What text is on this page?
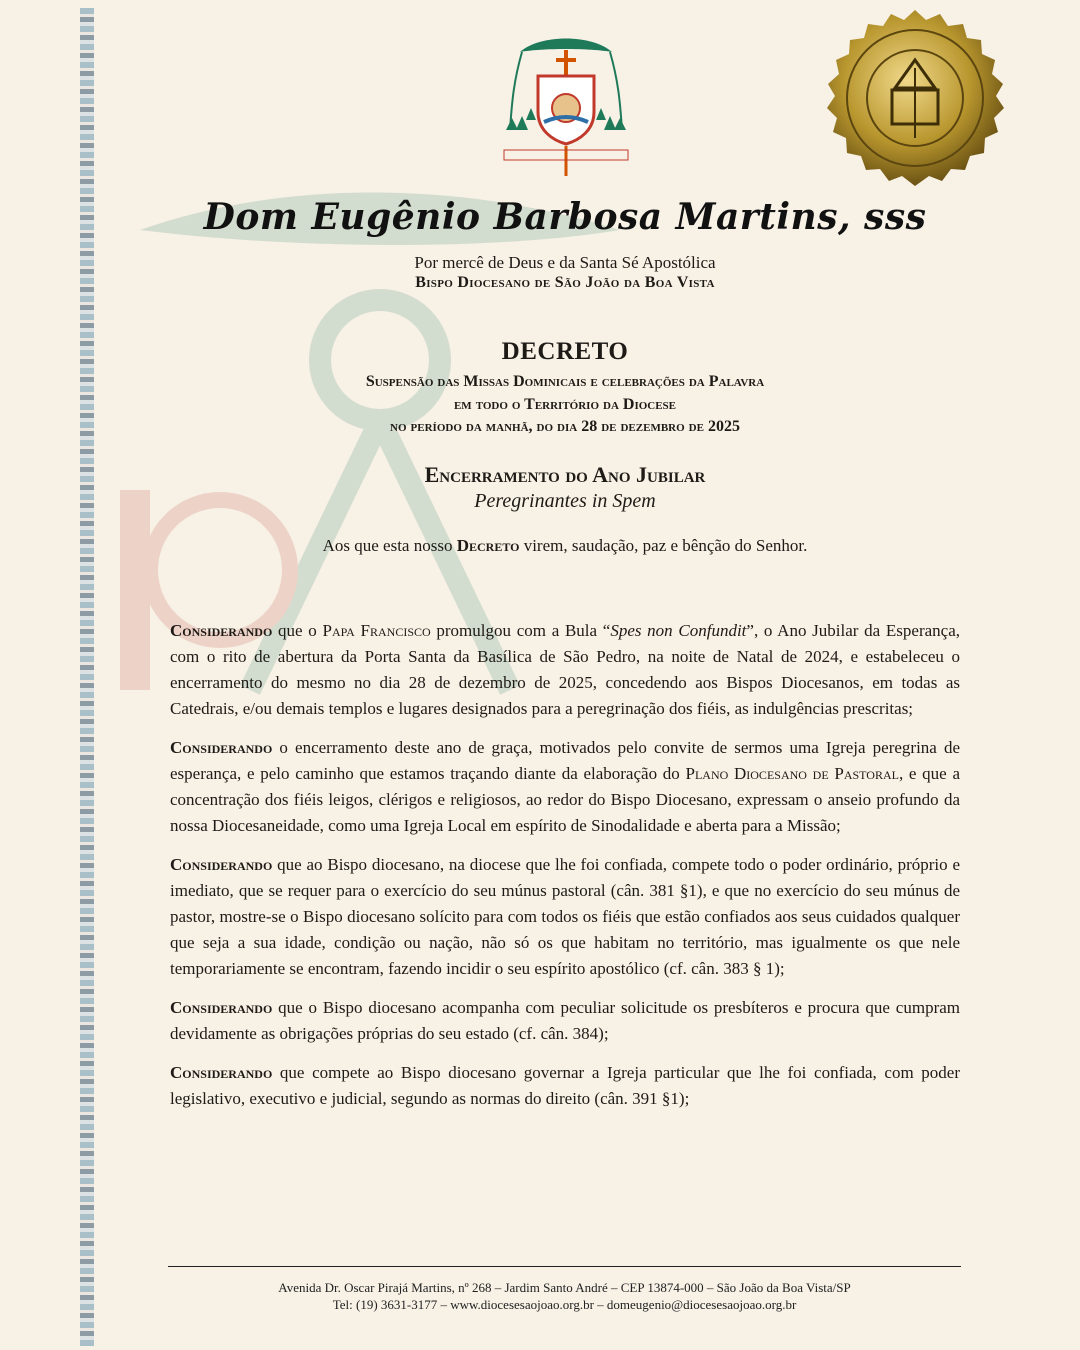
Dom Eugênio Barbosa Martins, sss
Por mercê de Deus e da Santa Sé Apostólica
Bispo Diocesano de São João da Boa Vista
DECRETO
Suspensão das Missas Dominicais e celebrações da Palavra
em todo o Território da Diocese
no período da manhã, do dia 28 de dezembro de 2025
Encerramento do Ano Jubilar
Peregrinantes in Spem
Aos que esta nosso Decreto virem, saudação, paz e bênção do Senhor.

Considerando que o Papa Francisco promulgou com a Bula “Spes non Confundit”, o Ano Jubilar da Esperança, com o rito de abertura da Porta Santa da Basílica de São Pedro, na noite de Natal de 2024, e estabeleceu o encerramento do mesmo no dia 28 de dezembro de 2025, concedendo aos Bispos Diocesanos, em todas as Catedrais, e/ou demais templos e lugares designados para a peregrinação dos fiéis, as indulgências prescritas;

Considerando o encerramento deste ano de graça, motivados pelo convite de sermos uma Igreja peregrina de esperança, e pelo caminho que estamos traçando diante da elaboração do Plano Diocesano de Pastoral, e que a concentração dos fiéis leigos, clérigos e religiosos, ao redor do Bispo Diocesano, expressam o anseio profundo da nossa Diocesaneidade, como uma Igreja Local em espírito de Sinodalidade e aberta para a Missão;

Considerando que ao Bispo diocesano, na diocese que lhe foi confiada, compete todo o poder ordinário, próprio e imediato, que se requer para o exercício do seu múnus pastoral (cân. 381 §1), e que no exercício do seu múnus de pastor, mostre-se o Bispo diocesano solícito para com todos os fiéis que estão confiados aos seus cuidados qualquer que seja a sua idade, condição ou nação, não só os que habitam no território, mas igualmente os que nele temporariamente se encontram, fazendo incidir o seu espírito apostólico (cf. cân. 383 § 1);

Considerando que o Bispo diocesano acompanha com peculiar solicitude os presbíteros e procura que cumpram devidamente as obrigações próprias do seu estado (cf. cân. 384);

Considerando que compete ao Bispo diocesano governar a Igreja particular que lhe foi confiada, com poder legislativo, executivo e judicial, segundo as normas do direito (cân. 391 §1);

Avenida Dr. Oscar Pirajá Martins, nº 268 – Jardim Santo André – CEP 13874-000 – São João da Boa Vista/SP
Tel: (19) 3631-3177 – www.diocesesaojoao.org.br – domeugenio@diocesesaojoao.org.br
